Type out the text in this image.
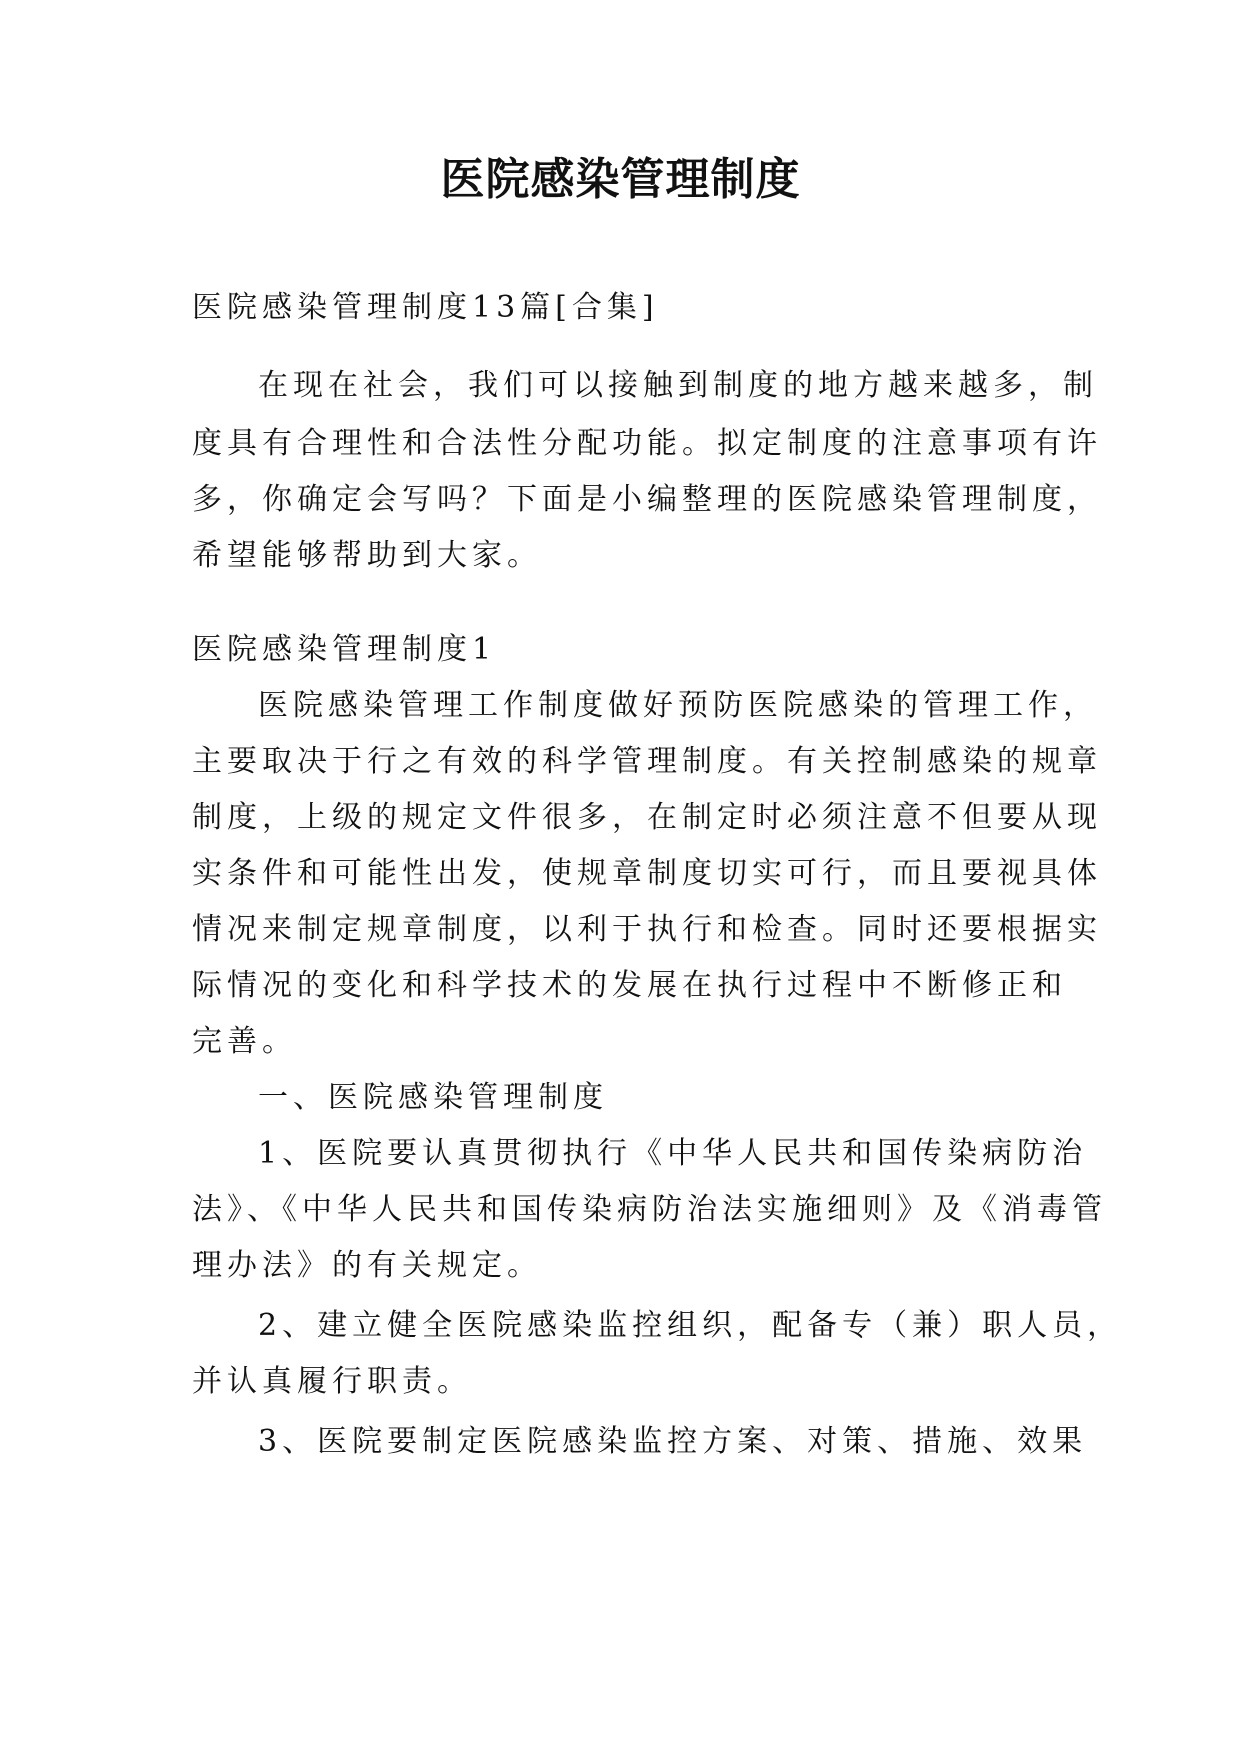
医院感染管理制度

医院感染管理制度13篇[合集]

在现在社会，我们可以接触到制度的地方越来越多，制

度具有合理性和合法性分配功能。拟定制度的注意事项有许

多，你确定会写吗？下面是小编整理的医院感染管理制度，

希望能够帮助到大家。

医院感染管理制度1

医院感染管理工作制度做好预防医院感染的管理工作，

主要取决于行之有效的科学管理制度。有关控制感染的规章

制度，上级的规定文件很多，在制定时必须注意不但要从现

实条件和可能性出发，使规章制度切实可行，而且要视具体

情况来制定规章制度，以利于执行和检查。同时还要根据实

际情况的变化和科学技术的发展在执行过程中不断修正和

完善。

一、医院感染管理制度

1、医院要认真贯彻执行《中华人民共和国传染病防治

法》、《中华人民共和国传染病防治法实施细则》及《消毒管

理办法》的有关规定。

2、建立健全医院感染监控组织，配备专（兼）职人员，

并认真履行职责。

3、医院要制定医院感染监控方案、对策、措施、效果
